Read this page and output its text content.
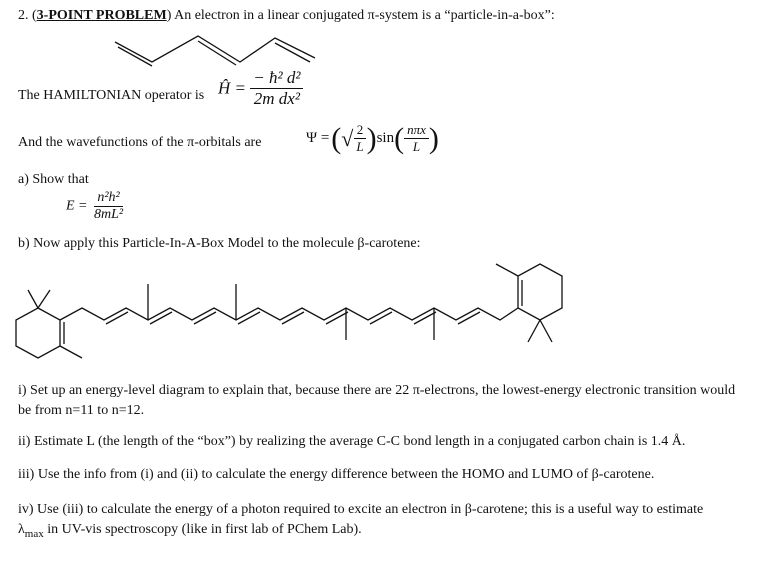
2. (3-POINT PROBLEM) An electron in a linear conjugated π-system is a “particle-in-a-box”:
The HAMILTONIAN operator is Ĥ = $\frac{\text{− ħ² d²}}{\text{2m dx²}}$
And the wavefunctions of the π-orbitals are	Ψ = ( √ $\frac{2}{L}$ ) sin ( $\frac{\text{nπx}}{L}$ )
a) Show that
$E = \frac{\text{n²h²}}{\text{8mL²}}$
b) Now apply this Particle-In-A-Box Model to the molecule β-carotene:
i) Set up an energy-level diagram to explain that, because there are 22 π-electrons, the lowest-energy electronic transition would be from n=11 to n=12.
ii) Estimate L (the length of the “box”) by realizing the average C-C bond length in a conjugated carbon chain is 1.4 Å.
iii) Use the info from (i) and (ii) to calculate the energy difference between the HOMO and LUMO of β-carotene.
iv) Use (iii) to calculate the energy of a photon required to excite an electron in β-carotene; this is a useful way to estimate
$\lambda_{max}$ in UV-vis spectroscopy (like in first lab of PChem Lab).
